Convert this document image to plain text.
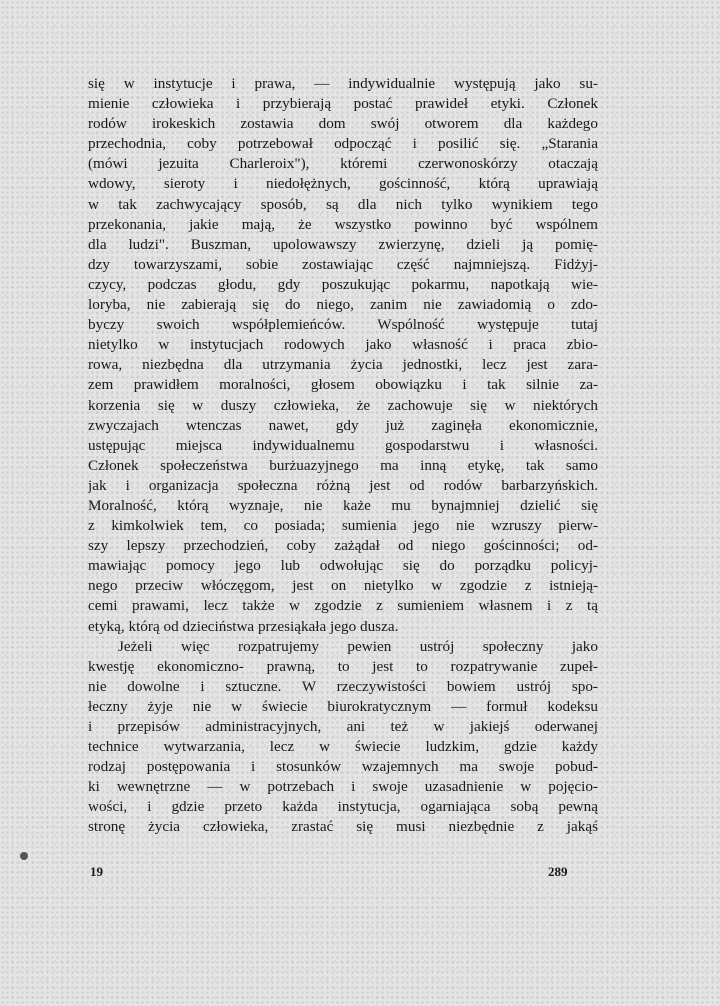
się w instytucje i prawa, — indywidualnie występują jako su-
mienie człowieka i przybierają postać prawideł etyki. Członek
rodów irokeskich zostawia dom swój otworem dla każdego
przechodnia, coby potrzebował odpocząć i posilić się. „Starania
(mówi jezuita Charleroix"), któremi czerwonoskórzy otaczają
wdowy, sieroty i niedołężnych, gościnność, którą uprawiają
w tak zachwycający sposób, są dla nich tylko wynikiem tego
przekonania, jakie mają, że wszystko powinno być wspólnem
dla ludzi". Buszman, upolowawszy zwierzynę, dzieli ją pomię-
dzy towarzyszami, sobie zostawiając część najmniejszą. Fidżyj-
czycy, podczas głodu, gdy poszukując pokarmu, napotkają wie-
loryba, nie zabierają się do niego, zanim nie zawiadomią o zdo-
byczy swoich współplemieńców. Wspólność występuje tutaj
nietylko w instytucjach rodowych jako własność i praca zbio-
rowa, niezbędna dla utrzymania życia jednostki, lecz jest zara-
zem prawidłem moralności, głosem obowiązku i tak silnie za-
korzenia się w duszy człowieka, że zachowuje się w niektórych
zwyczajach wtenczas nawet, gdy już zaginęła ekonomicznie,
ustępując miejsca indywidualnemu gospodarstwu i własności.
Członek społeczeństwa burżuazyjnego ma inną etykę, tak samo
jak i organizacja społeczna różną jest od rodów barbarzyńskich.
Moralność, którą wyznaje, nie każe mu bynajmniej dzielić się
z kimkolwiek tem, co posiada; sumienia jego nie wzruszy pierw-
szy lepszy przechodzień, coby zażądał od niego gościnności; od-
mawiając pomocy jego lub odwołując się do porządku policyj-
nego przeciw włóczęgom, jest on nietylko w zgodzie z istnieją-
cemi prawami, lecz także w zgodzie z sumieniem własnem i z tą
etyką, którą od dzieciństwa przesiąkała jego dusza.
Jeżeli więc rozpatrujemy pewien ustrój społeczny jako
kwestję ekonomiczno- prawną, to jest to rozpatrywanie zupeł-
nie dowolne i sztuczne. W rzeczywistości bowiem ustrój spo-
łeczny żyje nie w świecie biurokratycznym — formuł kodeksu
i przepisów administracyjnych, ani też w jakiejś oderwanej
technice wytwarzania, lecz w świecie ludzkim, gdzie każdy
rodzaj postępowania i stosunków wzajemnych ma swoje pobud-
ki wewnętrzne — w potrzebach i swoje uzasadnienie w pojęcio-
wości, i gdzie przeto każda instytucja, ogarniająca sobą pewną
stronę życia człowieka, zrastać się musi niezbędnie z jakąś
19	289
